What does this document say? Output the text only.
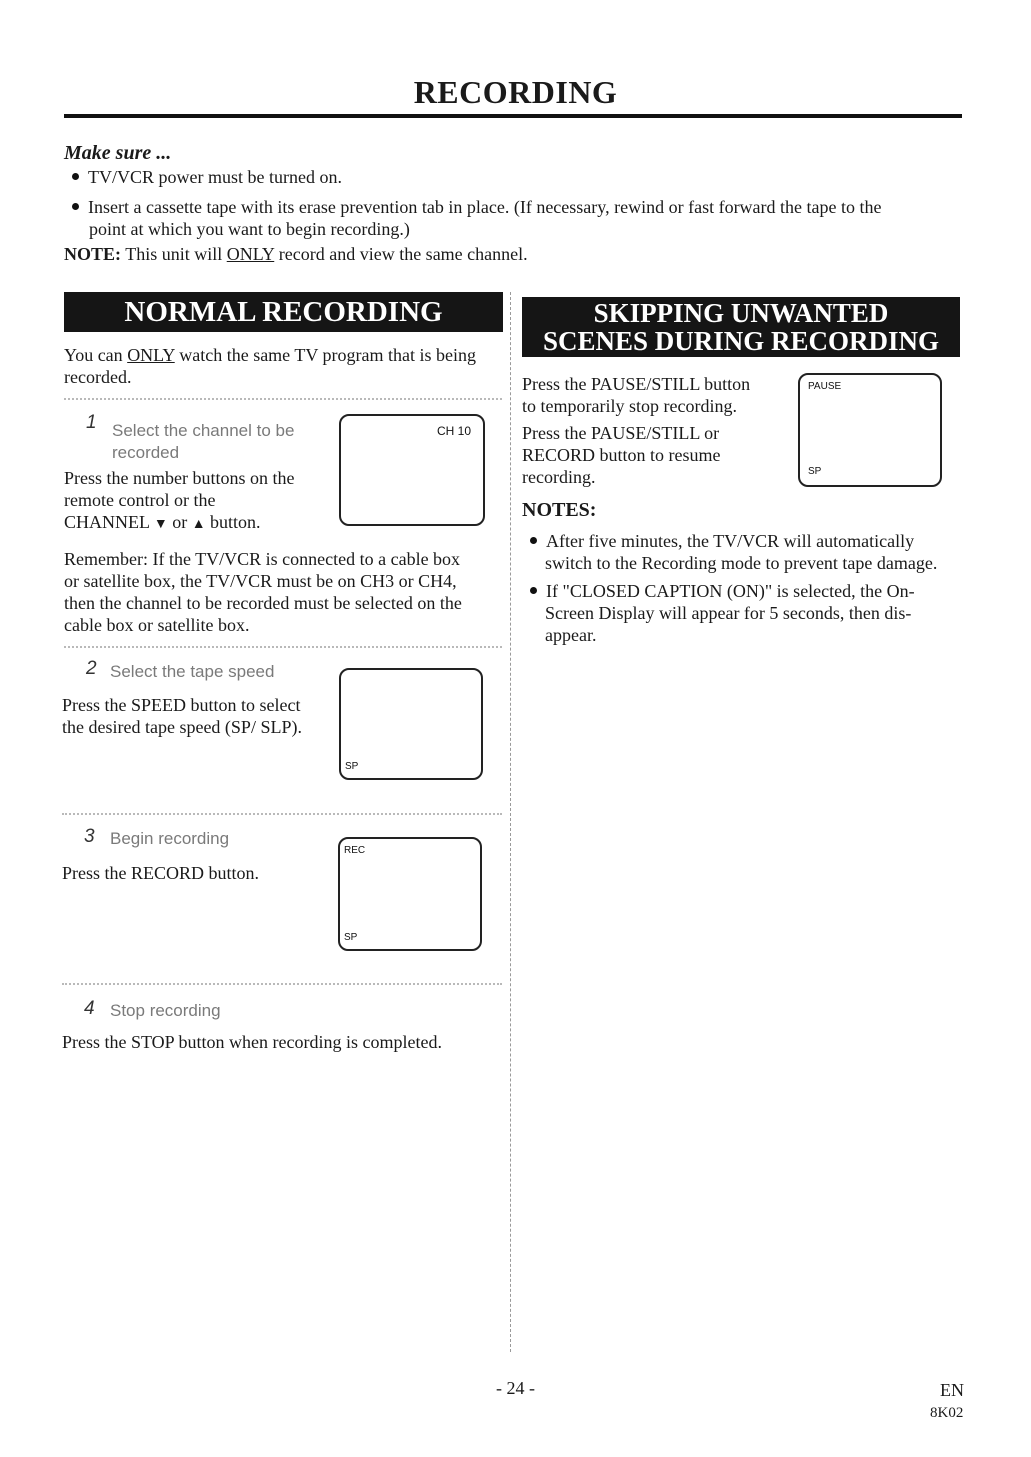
RECORDING
Make sure ...
TV/VCR power must be turned on.
Insert a cassette tape with its erase prevention tab in place. (If necessary, rewind or fast forward the tape to the
point at which you want to begin recording.)
NOTE: This unit will ONLY record and view the same channel.
NORMAL RECORDING
You can ONLY watch the same TV program that is being
recorded.
1 Select the channel to be
recorded
Press the number buttons on the
remote control or the
CHANNEL ▼ or ▲ button.
CH 10
Remember: If the TV/VCR is connected to a cable box
or satellite box, the TV/VCR must be on CH3 or CH4,
then the channel to be recorded must be selected on the
cable box or satellite box.
2 Select the tape speed
Press the SPEED button to select
the desired tape speed (SP/ SLP).
SP
3 Begin recording
Press the RECORD button.
REC
SP
4 Stop recording
Press the STOP button when recording is completed.
SKIPPING UNWANTED
SCENES DURING RECORDING
Press the PAUSE/STILL button
to temporarily stop recording.
Press the PAUSE/STILL or
RECORD button to resume
recording.
PAUSE
SP
NOTES:
After five minutes, the TV/VCR will automatically
switch to the Recording mode to prevent tape damage.
If "CLOSED CAPTION (ON)" is selected, the On-
Screen Display will appear for 5 seconds, then dis-
appear.
- 24 -	EN
8K02
